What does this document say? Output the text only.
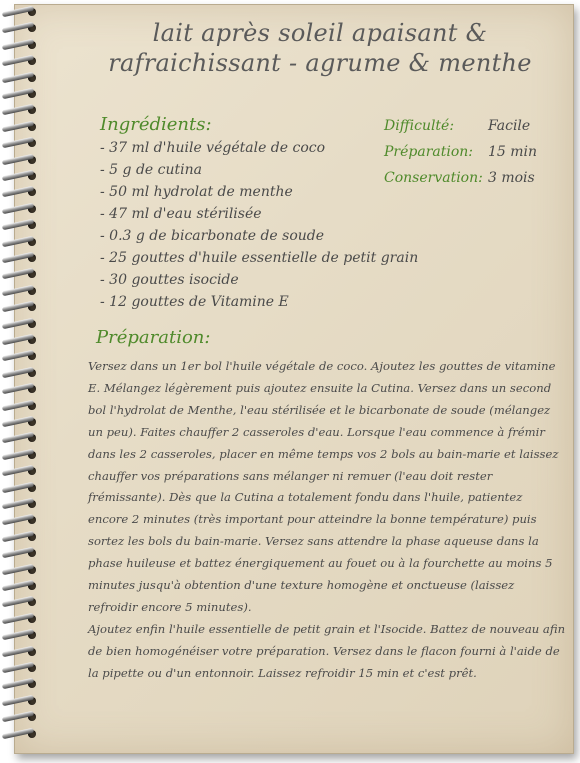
lait après soleil apaisant &
rafraichissant - agrume & menthe
Ingrédients:
- 37 ml d'huile végétale de coco
- 5 g de cutina
- 50 ml hydrolat de menthe
- 47 ml d'eau stérilisée
- 0.3 g de bicarbonate de soude
- 25 gouttes d'huile essentielle de petit grain
- 30 gouttes isocide
- 12 gouttes de Vitamine E
Difficulté: Facile
Préparation: 15 min
Conservation: 3 mois
Préparation:

Versez dans un 1er bol l'huile végétale de coco. Ajoutez les gouttes de vitamine E. Mélangez légèrement puis ajoutez ensuite la Cutina. Versez dans un second bol l'hydrolat de Menthe, l'eau stérilisée et le bicarbonate de soude (mélangez un peu). Faites chauffer 2 casseroles d'eau. Lorsque l'eau commence à frémir dans les 2 casseroles, placer en même temps vos 2 bols au bain-marie et laissez chauffer vos préparations sans mélanger ni remuer (l'eau doit rester frémissante). Dès que la Cutina a totalement fondu dans l'huile, patientez encore 2 minutes (très important pour atteindre la bonne température) puis sortez les bols du bain-marie. Versez sans attendre la phase aqueuse dans la phase huileuse et battez énergiquement au fouet ou à la fourchette au moins 5 minutes jusqu'à obtention d'une texture homogène et onctueuse (laissez refroidir encore 5 minutes).

Ajoutez enfin l'huile essentielle de petit grain et l'Isocide. Battez de nouveau afin de bien homogénéiser votre préparation. Versez dans le flacon fourni à l'aide de la pipette ou d'un entonnoir. Laissez refroidir 15 min et c'est prêt.
